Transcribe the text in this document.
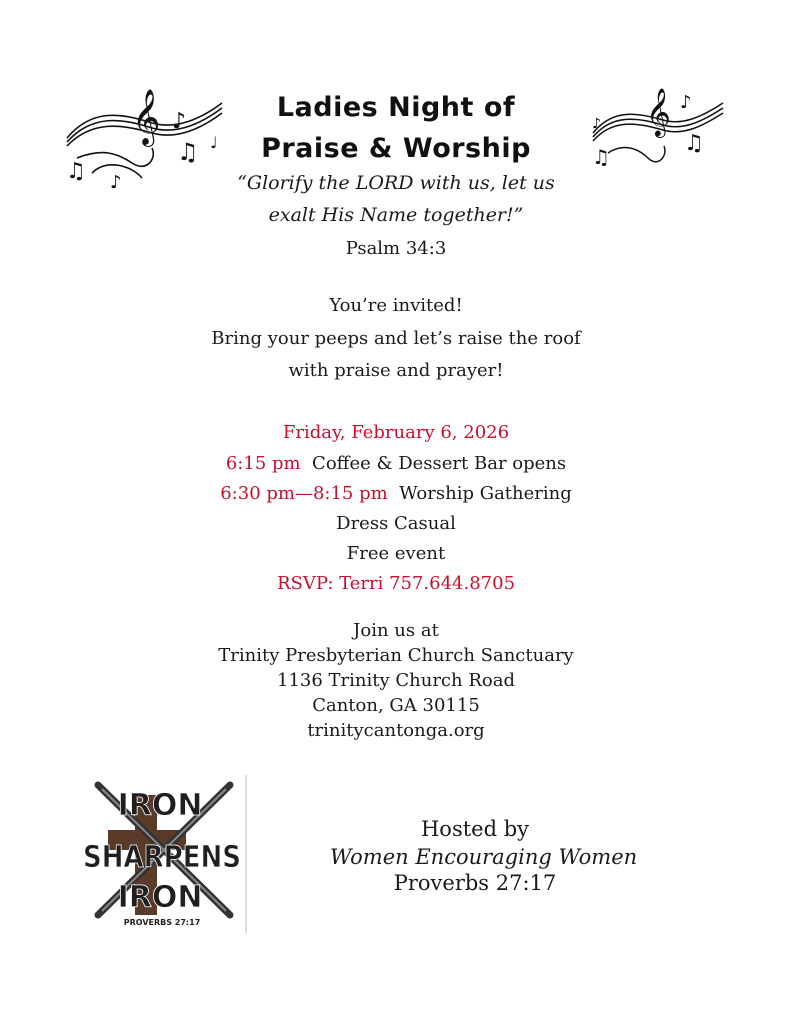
𝄞 ♪
♫
♫ ♪
♩
𝄞 ♪
♫
♫
♪
Ladies Night of
Praise & Worship
“Glorify the LORD with us, let us
exalt His Name together!”
Psalm 34:3
You’re invited!
Bring your peeps and let’s raise the roof
with praise and prayer!
Friday, February 6, 2026
6:15 pm Coffee & Dessert Bar opens
6:30 pm—8:15 pm Worship Gathering
Dress Casual
Free event
RSVP: Terri 757.644.8705
Join us at
Trinity Presbyterian Church Sanctuary
1136 Trinity Church Road
Canton, GA 30115
trinitycantonga.org
IRON
SHARPENS
IRON
PROVERBS 27:17
Hosted by
Women Encouraging Women
Proverbs 27:17
